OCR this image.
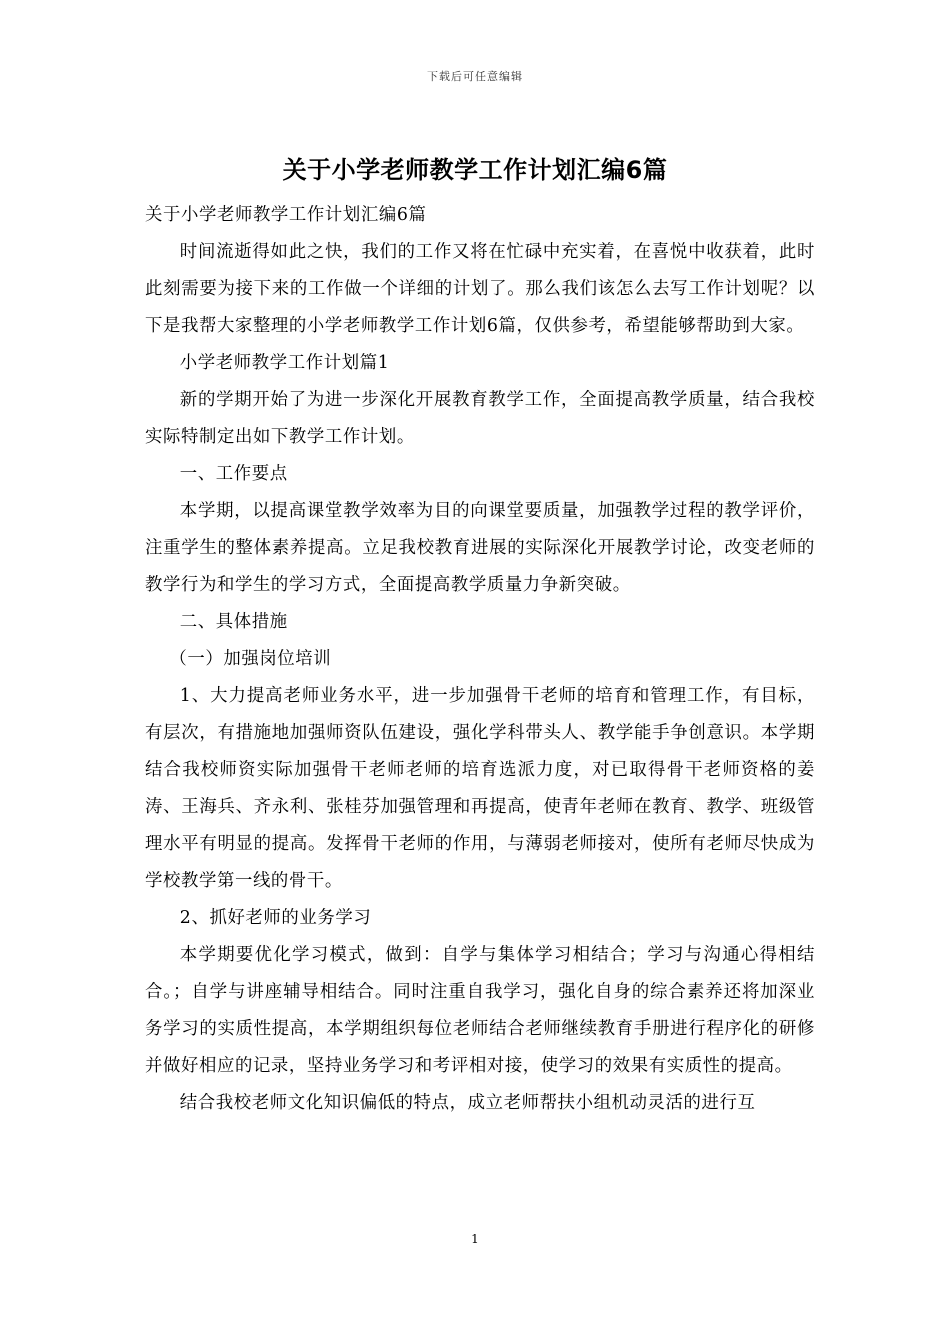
下载后可任意编辑
关于小学老师教学工作计划汇编6篇

关于小学老师教学工作计划汇编6篇

时间流逝得如此之快，我们的工作又将在忙碌中充实着，在喜悦中收获着，此时此刻需要为接下来的工作做一个详细的计划了。那么我们该怎么去写工作计划呢？以下是我帮大家整理的小学老师教学工作计划6篇，仅供参考，希望能够帮助到大家。

小学老师教学工作计划篇1

新的学期开始了为进一步深化开展教育教学工作，全面提高教学质量，结合我校实际特制定出如下教学工作计划。

一、工作要点

本学期，以提高课堂教学效率为目的向课堂要质量，加强教学过程的教学评价，注重学生的整体素养提高。立足我校教育进展的实际深化开展教学讨论，改变老师的教学行为和学生的学习方式，全面提高教学质量力争新突破。

二、具体措施

（一）加强岗位培训

1、大力提高老师业务水平，进一步加强骨干老师的培育和管理工作，有目标，有层次，有措施地加强师资队伍建设，强化学科带头人、教学能手争创意识。本学期结合我校师资实际加强骨干老师老师的培育选派力度，对已取得骨干老师资格的姜涛、王海兵、齐永利、张桂芬加强管理和再提高，使青年老师在教育、教学、班级管理水平有明显的提高。发挥骨干老师的作用，与薄弱老师接对，使所有老师尽快成为学校教学第一线的骨干。

2、抓好老师的业务学习

本学期要优化学习模式，做到：自学与集体学习相结合；学习与沟通心得相结合。；自学与讲座辅导相结合。同时注重自我学习，强化自身的综合素养还将加深业务学习的实质性提高，本学期组织每位老师结合老师继续教育手册进行程序化的研修并做好相应的记录，坚持业务学习和考评相对接，使学习的效果有实质性的提高。

结合我校老师文化知识偏低的特点，成立老师帮扶小组机动灵活的进行互

1
